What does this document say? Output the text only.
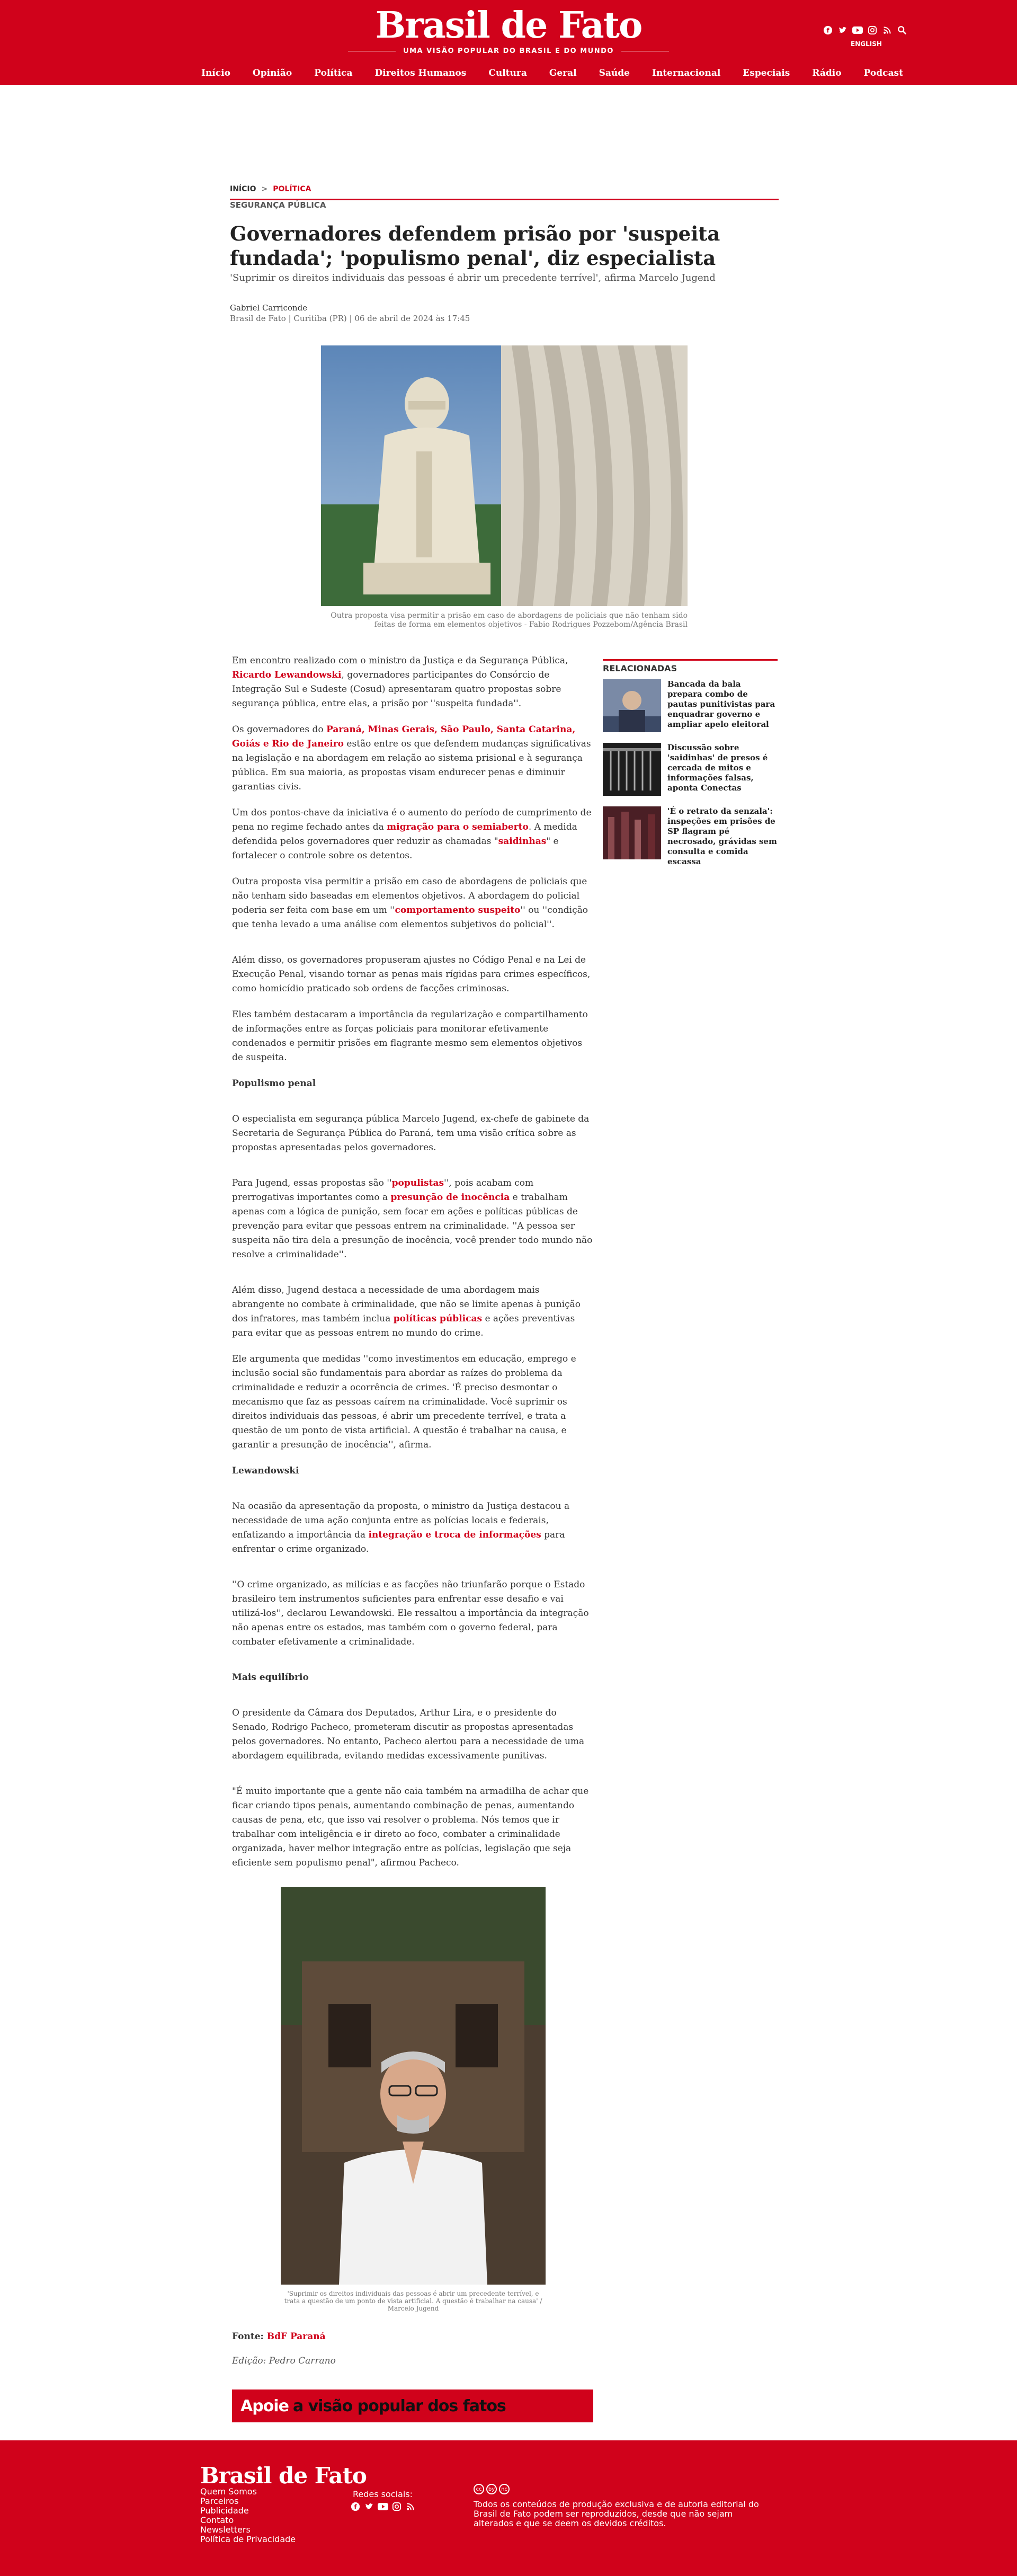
Brasil de Fato
UMA VISÃO POPULAR DO BRASIL E DO MUNDO
f
ENGLISH
Início Opinião Política Direitos Humanos Cultura Geral Saúde Internacional Especiais Rádio Podcast
INÍCIO > POLÍTICA
SEGURANÇA PÚBLICA
Governadores defendem prisão por 'suspeita fundada'; 'populismo penal', diz especialista
'Suprimir os direitos individuais das pessoas é abrir um precedente terrível', afirma Marcelo Jugend
Gabriel Carriconde
Brasil de Fato | Curitiba (PR) | 06 de abril de 2024 às 17:45
Outra proposta visa permitir a prisão em caso de abordagens de policiais que não tenham sido feitas de forma em elementos objetivos - Fabio Rodrigues Pozzebom/Agência Brasil

Em encontro realizado com o ministro da Justiça e da Segurança Pública, Ricardo Lewandowski, governadores participantes do Consórcio de Integração Sul e Sudeste (Cosud) apresentaram quatro propostas sobre segurança pública, entre elas, a prisão por ''suspeita fundada''.

Os governadores do Paraná, Minas Gerais, São Paulo, Santa Catarina, Goiás e Rio de Janeiro estão entre os que defendem mudanças significativas na legislação e na abordagem em relação ao sistema prisional e à segurança pública. Em sua maioria, as propostas visam endurecer penas e diminuir garantias civis.

Um dos pontos-chave da iniciativa é o aumento do período de cumprimento de pena no regime fechado antes da migração para o semiaberto. A medida defendida pelos governadores quer reduzir as chamadas "saidinhas" e fortalecer o controle sobre os detentos.

Outra proposta visa permitir a prisão em caso de abordagens de policiais que não tenham sido baseadas em elementos objetivos. A abordagem do policial poderia ser feita com base em um ''comportamento suspeito'' ou ''condição que tenha levado a uma análise com elementos subjetivos do policial''.

Além disso, os governadores propuseram ajustes no Código Penal e na Lei de Execução Penal, visando tornar as penas mais rígidas para crimes específicos, como homicídio praticado sob ordens de facções criminosas.

Eles também destacaram a importância da regularização e compartilhamento de informações entre as forças policiais para monitorar efetivamente condenados e permitir prisões em flagrante mesmo sem elementos objetivos de suspeita.

Populismo penal

O especialista em segurança pública Marcelo Jugend, ex-chefe de gabinete da Secretaria de Segurança Pública do Paraná, tem uma visão crítica sobre as propostas apresentadas pelos governadores.

Para Jugend, essas propostas são ''populistas'', pois acabam com prerrogativas importantes como a presunção de inocência e trabalham apenas com a lógica de punição, sem focar em ações e políticas públicas de prevenção para evitar que pessoas entrem na criminalidade. ''A pessoa ser suspeita não tira dela a presunção de inocência, você prender todo mundo não resolve a criminalidade''.

Além disso, Jugend destaca a necessidade de uma abordagem mais abrangente no combate à criminalidade, que não se limite apenas à punição dos infratores, mas também inclua políticas públicas e ações preventivas para evitar que as pessoas entrem no mundo do crime.

Ele argumenta que medidas ''como investimentos em educação, emprego e inclusão social são fundamentais para abordar as raízes do problema da criminalidade e reduzir a ocorrência de crimes. 'É preciso desmontar o mecanismo que faz as pessoas caírem na criminalidade. Você suprimir os direitos individuais das pessoas, é abrir um precedente terrível, e trata a questão de um ponto de vista artificial. A questão é trabalhar na causa, e garantir a presunção de inocência'', afirma.

Lewandowski

Na ocasião da apresentação da proposta, o ministro da Justiça destacou a necessidade de uma ação conjunta entre as polícias locais e federais, enfatizando a importância da integração e troca de informações para enfrentar o crime organizado.

''O crime organizado, as milícias e as facções não triunfarão porque o Estado brasileiro tem instrumentos suficientes para enfrentar esse desafio e vai utilizá-los'', declarou Lewandowski. Ele ressaltou a importância da integração não apenas entre os estados, mas também com o governo federal, para combater efetivamente a criminalidade.

Mais equilíbrio

O presidente da Câmara dos Deputados, Arthur Lira, e o presidente do Senado, Rodrigo Pacheco, prometeram discutir as propostas apresentadas pelos governadores. No entanto, Pacheco alertou para a necessidade de uma abordagem equilibrada, evitando medidas excessivamente punitivas.

"É muito importante que a gente não caia também na armadilha de achar que ficar criando tipos penais, aumentando combinação de penas, aumentando causas de pena, etc, que isso vai resolver o problema. Nós temos que ir trabalhar com inteligência e ir direto ao foco, combater a criminalidade organizada, haver melhor integração entre as polícias, legislação que seja eficiente sem populismo penal", afirmou Pacheco.

RELACIONADAS
Bancada da bala prepara combo de pautas punitivistas para enquadrar governo e ampliar apelo eleitoral
Discussão sobre 'saidinhas' de presos é cercada de mitos e informações falsas, aponta Conectas
'É o retrato da senzala': inspeções em prisões de SP flagram pé necrosado, grávidas sem consulta e comida escassa
'Suprimir os direitos individuais das pessoas é abrir um precedente terrível, e trata a questão de um ponto de vista artificial. A questão é trabalhar na causa' / Marcelo Jugend
Fonte: BdF Paraná
Edição: Pedro Carrano
Apoie a visão popular dos fatos
Brasil de Fato
Quem Somos
Parceiros
Publicidade
Contato
Newsletters
Política de Privacidade
Redes sociais:
f
cc	by	nc
Todos os conteúdos de produção exclusiva e de autoria editorial do Brasil de Fato podem ser reproduzidos, desde que não sejam alterados e que se deem os devidos créditos.
